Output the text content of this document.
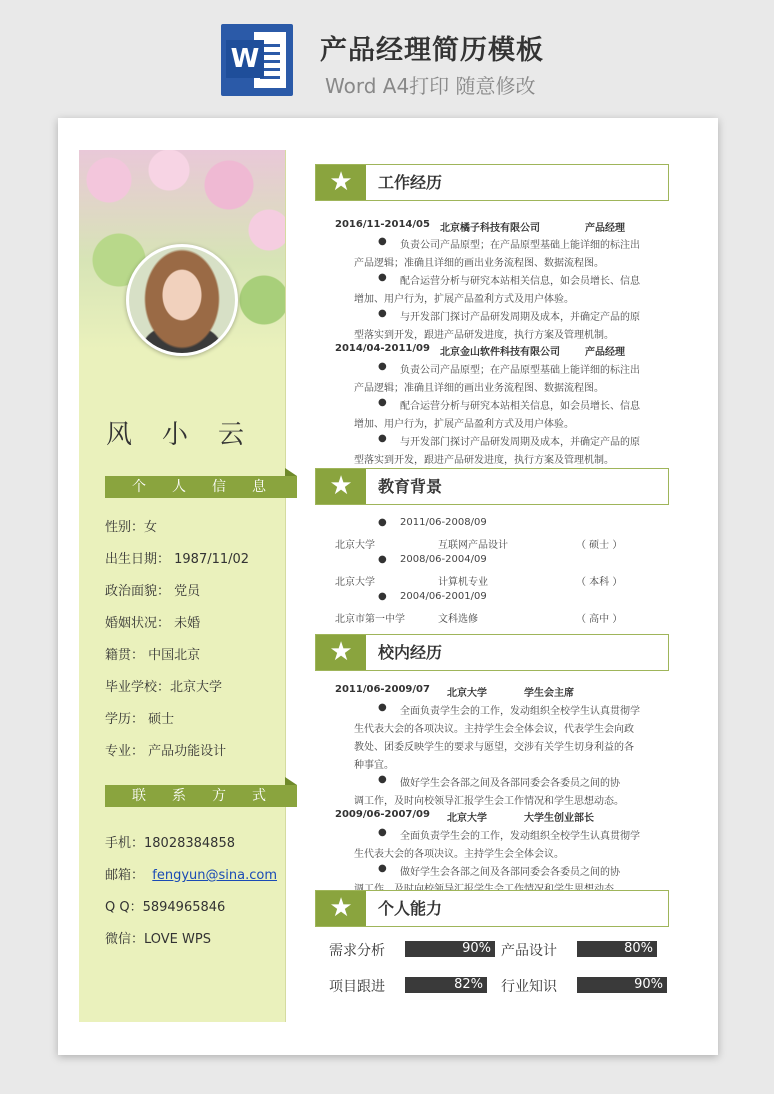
W 产品经理简历模板
Word A4打印 随意修改
风小云
个人信息
性别：女
出生日期： 1987/11/02
政治面貌： 党员
婚姻状况： 未婚
籍贯： 中国北京
毕业学校：北京大学
学历： 硕士
专业： 产品功能设计
联系方式
手机：18028384858
邮箱： fengyun@sina.com
Q Q：5894965846
微信：LOVE WPS
★	工作经历
2016/11-2014/05 北京橘子科技有限公司	产品经理
● 负责公司产品原型；在产品原型基础上能详细的标注出
产品逻辑；准确且详细的画出业务流程图、数据流程图。
● 配合运营分析与研究本站相关信息，如会员增长、信息
增加、用户行为，扩展产品盈利方式及用户体验。
● 与开发部门探讨产品研发周期及成本，并确定产品的原
型落实到开发，跟进产品研发进度，执行方案及管理机制。
2014/04-2011/09 北京金山软件科技有限公司	产品经理
● 负责公司产品原型；在产品原型基础上能详细的标注出
产品逻辑；准确且详细的画出业务流程图、数据流程图。
● 配合运营分析与研究本站相关信息，如会员增长、信息
增加、用户行为，扩展产品盈利方式及用户体验。
● 与开发部门探讨产品研发周期及成本，并确定产品的原
型落实到开发，跟进产品研发进度，执行方案及管理机制。
★	教育背景
● 2011/06-2008/09
北京大学	互联网产品设计	（ 硕士 ）
● 2008/06-2004/09
北京大学	计算机专业	（ 本科 ）
● 2004/06-2001/09
北京市第一中学	文科选修	（ 高中 ）
★	校内经历
2011/06-2009/07 北京大学	学生会主席
● 全面负责学生会的工作，发动组织全校学生认真贯彻学
生代表大会的各项决议。主持学生会全体会议，代表学生会向政
教处、团委反映学生的要求与愿望，交涉有关学生切身利益的各
种事宜。
● 做好学生会各部之间及各部同委会各委员之间的协
调工作，及时向校领导汇报学生会工作情况和学生思想动态。
2009/06-2007/09 北京大学	大学生创业部长
● 全面负责学生会的工作，发动组织全校学生认真贯彻学
生代表大会的各项决议。主持学生会全体会议。
● 做好学生会各部之间及各部同委会各委员之间的协
★	个人能力
需求分析	90% 产品设计	80%
项目跟进	82% 行业知识	90%
